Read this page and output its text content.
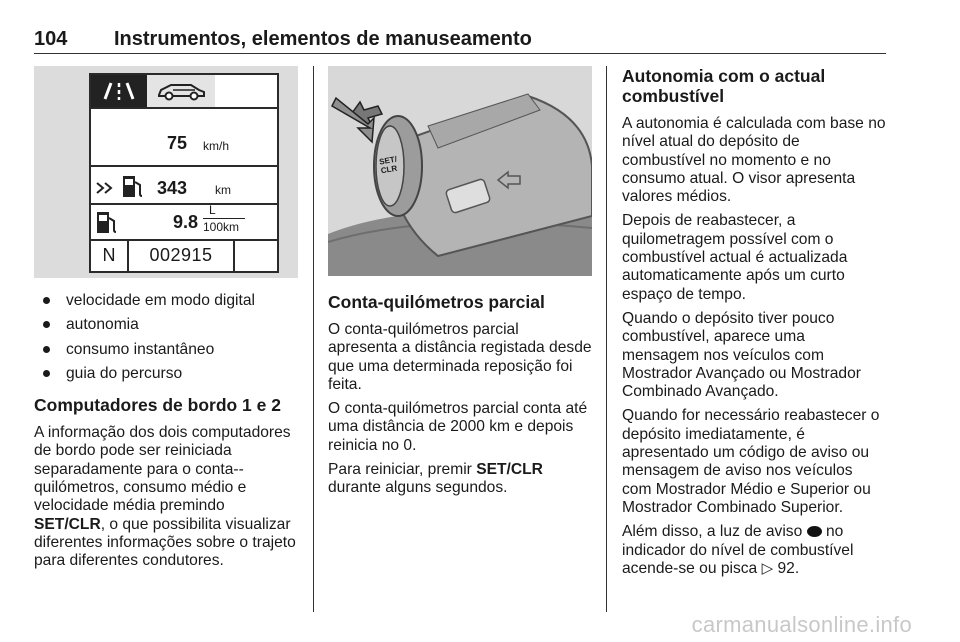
104 Instrumentos, elementos de manuseamento
75 km/h
343 km
9.8
L
100km
N	002915
velocidade em modo digital
autonomia
consumo instantâneo
guia do percurso
Computadores de bordo 1 e 2

A informação dos dois computadores de bordo pode ser reiniciada separadamente para o conta--quilómetros, consumo médio e velocidade média premindo SET/CLR, o que possibilita visualizar diferentes informações sobre o trajeto para diferentes condutores.

SET/
CLR
Conta-quilómetros parcial

O conta-quilómetros parcial apresenta a distância registada desde que uma determinada reposição foi feita.

O conta-quilómetros parcial conta até uma distância de 2000 km e depois reinicia no 0.

Para reiniciar, premir SET/CLR durante alguns segundos.

Autonomia com o actual combustível

A autonomia é calculada com base no nível atual do depósito de combustível no momento e no consumo atual. O visor apresenta valores médios.

Depois de reabastecer, a quilometragem possível com o combustível actual é actualizada automaticamente após um curto espaço de tempo.

Quando o depósito tiver pouco combustível, aparece uma mensagem nos veículos com Mostrador Avançado ou Mostrador Combinado Avançado.

Quando for necessário reabastecer o depósito imediatamente, é apresentado um código de aviso ou mensagem de aviso nos veículos com Mostrador Médio e Superior ou Mostrador Combinado Superior.

Além disso, a luz de aviso no indicador do nível de combustível acende-se ou pisca ▷ 92.

carmanualsonline.info
